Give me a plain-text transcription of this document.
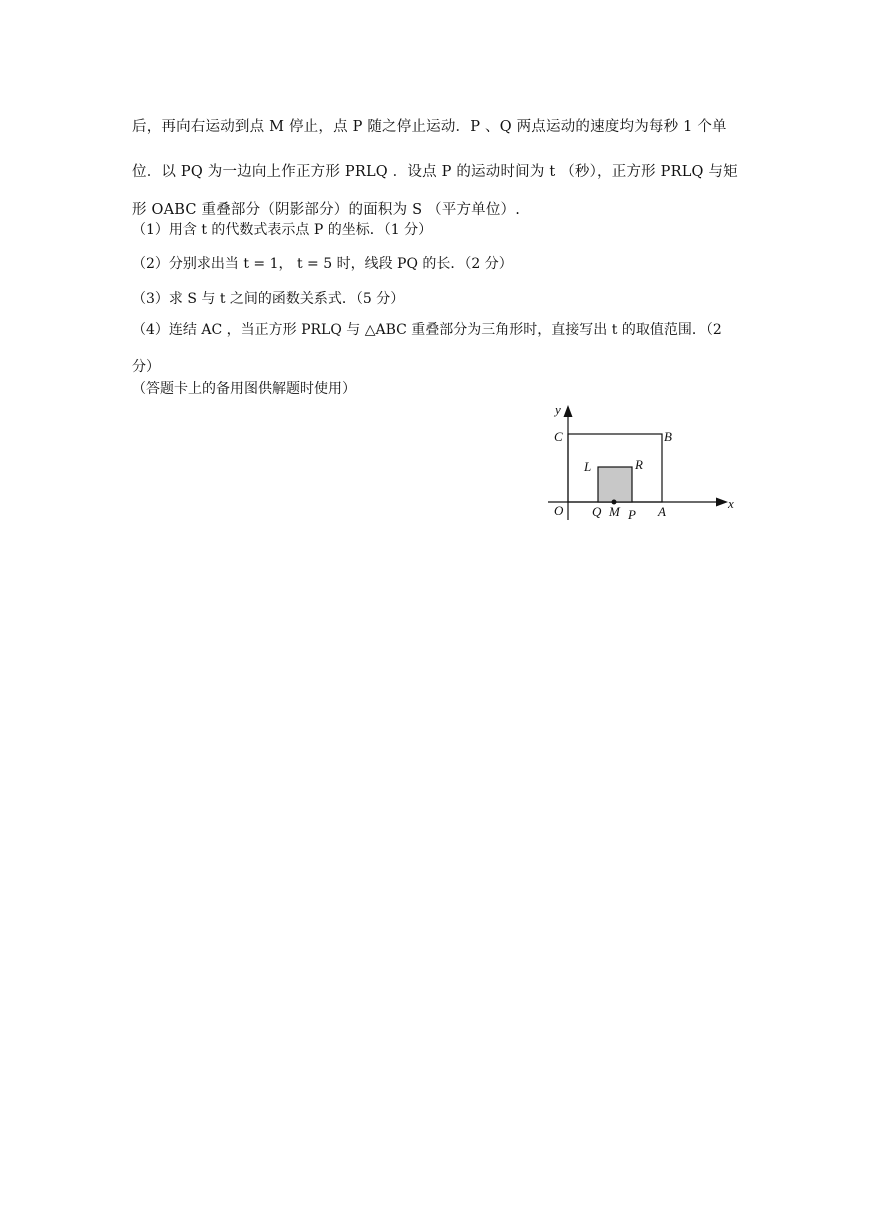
后，再向右运动到点 M 停止，点 P 随之停止运动．P 、Q 两点运动的速度均为每秒 1 个单
位．以 PQ 为一边向上作正方形 PRLQ ．设点 P 的运动时间为 t （秒），正方形 PRLQ 与矩
形 OABC 重叠部分（阴影部分）的面积为 S （平方单位）.
（1）用含 t 的代数式表示点 P 的坐标．（1 分）
（2）分别求出当 t = 1， t = 5 时，线段 PQ 的长．（2 分）
（3）求 S 与 t 之间的函数关系式．（5 分）
（4）连结 AC ，当正方形 PRLQ 与 △ABC 重叠部分为三角形时，直接写出 t 的取值范围．（2
分）
（答题卡上的备用图供解题时使用）
y
x
O
C	B
A
L	R
Q M P
